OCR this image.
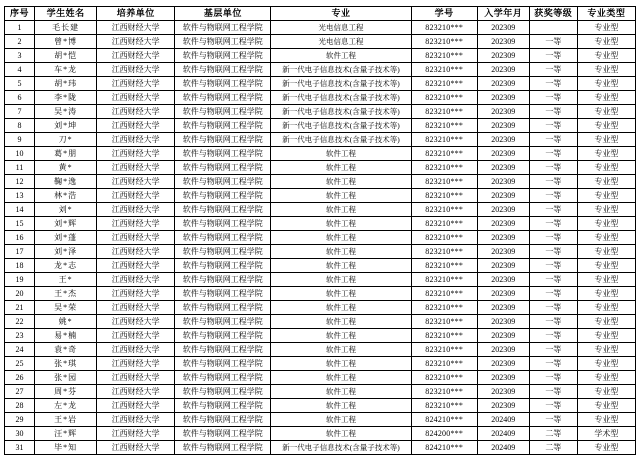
序号	学生姓名	培养单位	基层单位	专业	学号	入学年月	获奖等级	专业类型
1	毛长建	江西财经大学	软件与物联网工程学院	光电信息工程	823210***	202309		专业型
2	曾*博	江西财经大学	软件与物联网工程学院	光电信息工程	823210***	202309	一等	专业型
3	胡*恺	江西财经大学	软件与物联网工程学院	软件工程	823210***	202309	一等	专业型
4	车*龙	江西财经大学	软件与物联网工程学院	新一代电子信息技术(含量子技术等)	823210***	202309	一等	专业型
5	胡*玮	江西财经大学	软件与物联网工程学院	新一代电子信息技术(含量子技术等)	823210***	202309	一等	专业型
6	李*陇	江西财经大学	软件与物联网工程学院	新一代电子信息技术(含量子技术等)	823210***	202309	一等	专业型
7	吴*涛	江西财经大学	软件与物联网工程学院	新一代电子信息技术(含量子技术等)	823210***	202309	一等	专业型
8	刘*坤	江西财经大学	软件与物联网工程学院	新一代电子信息技术(含量子技术等)	823210***	202309	一等	专业型
9	刀*	江西财经大学	软件与物联网工程学院	新一代电子信息技术(含量子技术等)	823210***	202309	一等	专业型
10	葛*朋	江西财经大学	软件与物联网工程学院	软件工程	823210***	202309	一等	专业型
11	黄*	江西财经大学	软件与物联网工程学院	软件工程	823210***	202309	一等	专业型
12	鞠*逸	江西财经大学	软件与物联网工程学院	软件工程	823210***	202309	一等	专业型
13	林*浩	江西财经大学	软件与物联网工程学院	软件工程	823210***	202309	一等	专业型
14	刘*	江西财经大学	软件与物联网工程学院	软件工程	823210***	202309	一等	专业型
15	刘*辉	江西财经大学	软件与物联网工程学院	软件工程	823210***	202309	一等	专业型
16	刘*蓬	江西财经大学	软件与物联网工程学院	软件工程	823210***	202309	一等	专业型
17	刘*泽	江西财经大学	软件与物联网工程学院	软件工程	823210***	202309	一等	专业型
18	龙*志	江西财经大学	软件与物联网工程学院	软件工程	823210***	202309	一等	专业型
19	王*	江西财经大学	软件与物联网工程学院	软件工程	823210***	202309	一等	专业型
20	王*杰	江西财经大学	软件与物联网工程学院	软件工程	823210***	202309	一等	专业型
21	吴*荣	江西财经大学	软件与物联网工程学院	软件工程	823210***	202309	一等	专业型
22	姚*	江西财经大学	软件与物联网工程学院	软件工程	823210***	202309	一等	专业型
23	易*楠	江西财经大学	软件与物联网工程学院	软件工程	823210***	202309	一等	专业型
24	袁*奇	江西财经大学	软件与物联网工程学院	软件工程	823210***	202309	一等	专业型
25	张*琪	江西财经大学	软件与物联网工程学院	软件工程	823210***	202309	一等	专业型
26	张*园	江西财经大学	软件与物联网工程学院	软件工程	823210***	202309	一等	专业型
27	周*芬	江西财经大学	软件与物联网工程学院	软件工程	823210***	202309	一等	专业型
28	左*龙	江西财经大学	软件与物联网工程学院	软件工程	823210***	202309	一等	专业型
29	王*岩	江西财经大学	软件与物联网工程学院	软件工程	824210***	202409	一等	专业型
30	汪*辉	江西财经大学	软件与物联网工程学院	软件工程	824200***	202409	二等	学术型
31	毕*知	江西财经大学	软件与物联网工程学院	新一代电子信息技术(含量子技术等)	824210***	202409	二等	专业型
